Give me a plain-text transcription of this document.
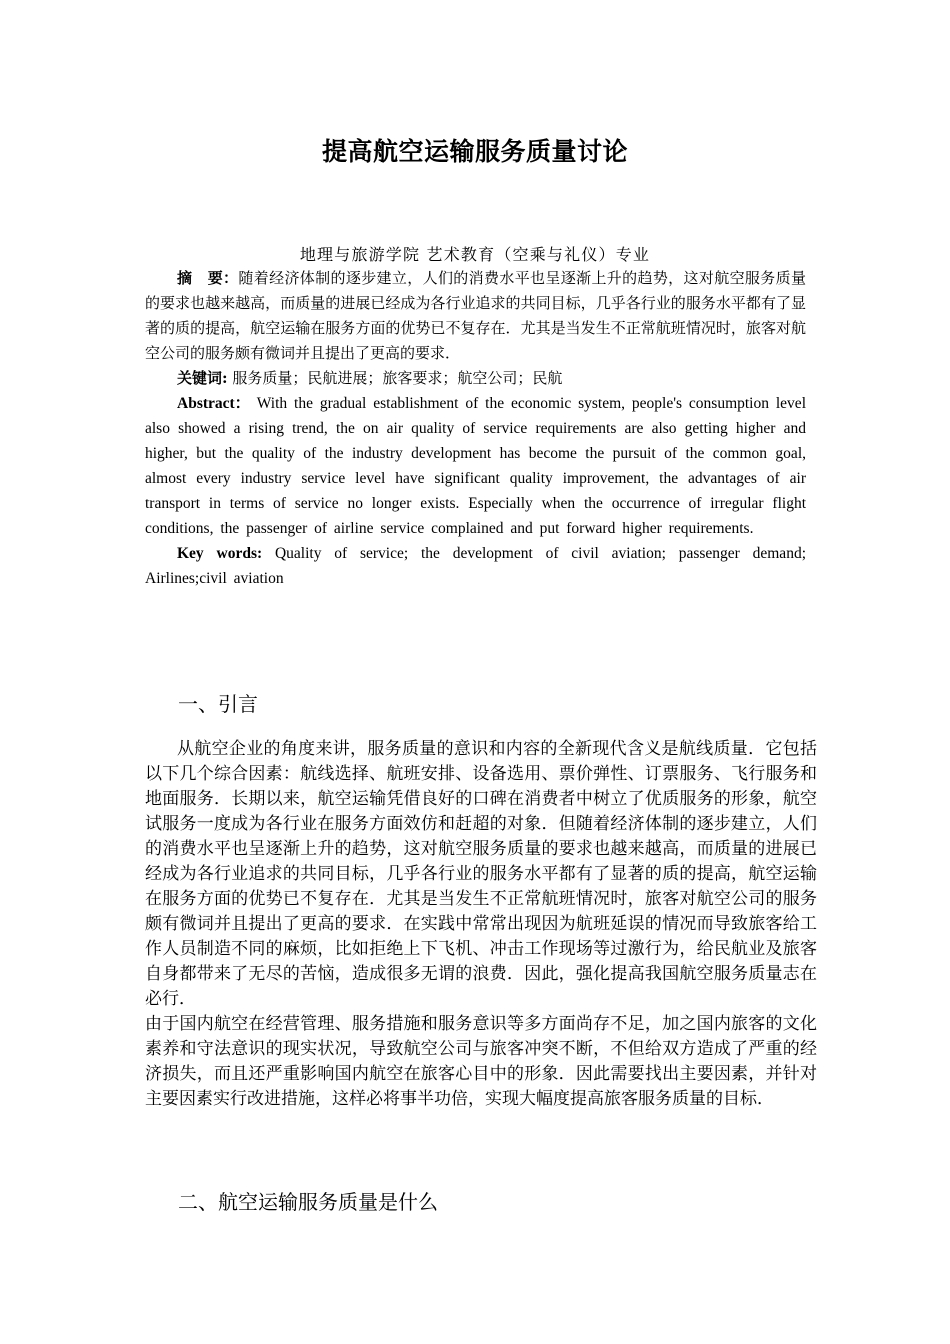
提高航空运输服务质量讨论
地理与旅游学院 艺术教育（空乘与礼仪）专业

摘　要：随着经济体制的逐步建立，人们的消费水平也呈逐渐上升的趋势，这对航空服务质量的要求也越来越高，而质量的进展已经成为各行业追求的共同目标，几乎各行业的服务水平都有了显著的质的提高，航空运输在服务方面的优势已不复存在．尤其是当发生不正常航班情况时，旅客对航空公司的服务颇有微词并且提出了更高的要求．

关键词: 服务质量；民航进展；旅客要求；航空公司；民航

Abstract： With the gradual establishment of the economic system, people's consumption level also showed a rising trend, the on air quality of service requirements are also getting higher and higher, but the quality of the industry development has become the pursuit of the common goal, almost every industry service level have significant quality improvement, the advantages of air transport in terms of service no longer exists. Especially when the occurrence of irregular flight conditions, the passenger of airline service complained and put forward higher requirements.

Key words: Quality of service; the development of civil aviation; passenger demand; Airlines;civil aviation

一、引言

从航空企业的角度来讲，服务质量的意识和内容的全新现代含义是航线质量．它包括以下几个综合因素：航线选择、航班安排、设备选用、票价弹性、订票服务、飞行服务和地面服务．长期以来，航空运输凭借良好的口碑在消费者中树立了优质服务的形象，航空试服务一度成为各行业在服务方面效仿和赶超的对象．但随着经济体制的逐步建立，人们的消费水平也呈逐渐上升的趋势，这对航空服务质量的要求也越来越高，而质量的进展已经成为各行业追求的共同目标，几乎各行业的服务水平都有了显著的质的提高，航空运输在服务方面的优势已不复存在．尤其是当发生不正常航班情况时，旅客对航空公司的服务颇有微词并且提出了更高的要求．在实践中常常出现因为航班延误的情况而导致旅客给工作人员制造不同的麻烦，比如拒绝上下飞机、冲击工作现场等过激行为，给民航业及旅客自身都带来了无尽的苦恼，造成很多无谓的浪费．因此，强化提高我国航空服务质量志在必行．

由于国内航空在经营管理、服务措施和服务意识等多方面尚存不足，加之国内旅客的文化素养和守法意识的现实状况，导致航空公司与旅客冲突不断，不但给双方造成了严重的经济损失，而且还严重影响国内航空在旅客心目中的形象．因此需要找出主要因素，并针对主要因素实行改进措施，这样必将事半功倍，实现大幅度提高旅客服务质量的目标．

二、航空运输服务质量是什么
